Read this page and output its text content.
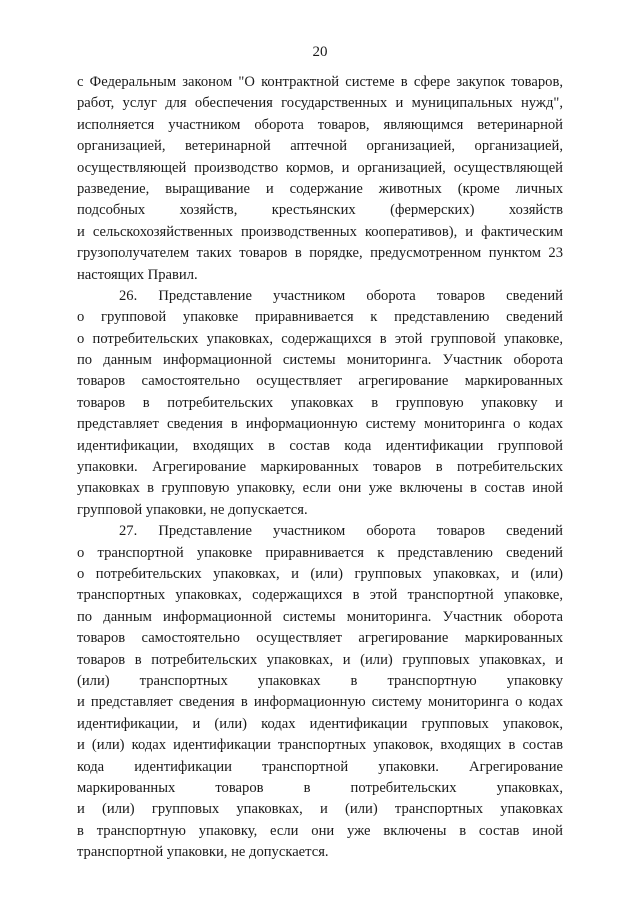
20
с Федеральным законом "О контрактной системе в сфере закупок товаров,
работ, услуг для обеспечения государственных и муниципальных нужд",
исполняется участником оборота товаров, являющимся ветеринарной
организацией, ветеринарной аптечной организацией, организацией,
осуществляющей производство кормов, и организацией, осуществляющей
разведение, выращивание и содержание животных (кроме личных
подсобных хозяйств, крестьянских (фермерских) хозяйств
и сельскохозяйственных производственных кооперативов), и фактическим
грузополучателем таких товаров в порядке, предусмотренном пунктом 23
настоящих Правил.
26. Представление участником оборота товаров сведений
о групповой упаковке приравнивается к представлению сведений
о потребительских упаковках, содержащихся в этой групповой упаковке,
по данным информационной системы мониторинга. Участник оборота
товаров самостоятельно осуществляет агрегирование маркированных
товаров в потребительских упаковках в групповую упаковку и
представляет сведения в информационную систему мониторинга о кодах
идентификации, входящих в состав кода идентификации групповой
упаковки. Агрегирование маркированных товаров в потребительских
упаковках в групповую упаковку, если они уже включены в состав иной
групповой упаковки, не допускается.
27. Представление участником оборота товаров сведений
о транспортной упаковке приравнивается к представлению сведений
о потребительских упаковках, и (или) групповых упаковках, и (или)
транспортных упаковках, содержащихся в этой транспортной упаковке,
по данным информационной системы мониторинга. Участник оборота
товаров самостоятельно осуществляет агрегирование маркированных
товаров в потребительских упаковках, и (или) групповых упаковках, и
(или) транспортных упаковках в транспортную упаковку
и представляет сведения в информационную систему мониторинга о кодах
идентификации, и (или) кодах идентификации групповых упаковок,
и (или) кодах идентификации транспортных упаковок, входящих в состав
кода идентификации транспортной упаковки. Агрегирование
маркированных товаров в потребительских упаковках,
и (или) групповых упаковках, и (или) транспортных упаковках
в транспортную упаковку, если они уже включены в состав иной
транспортной упаковки, не допускается.
